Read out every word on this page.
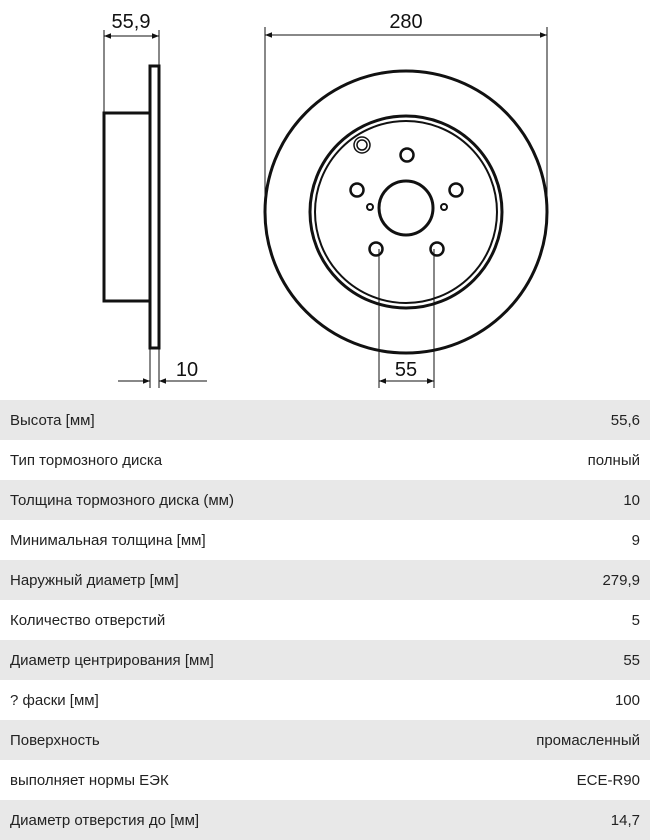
55,9
10
280
55
Высота [мм]	55,6
Тип тормозного диска	полный
Толщина тормозного диска (мм)	10
Минимальная толщина [мм]	9
Наружный диаметр [мм]	279,9
Количество отверстий	5
Диаметр центрирования [мм]	55
? фаски [мм]	100
Поверхность	промасленный
выполняет нормы ЕЭК	ECE-R90
Диаметр отверстия до [мм]	14,7
